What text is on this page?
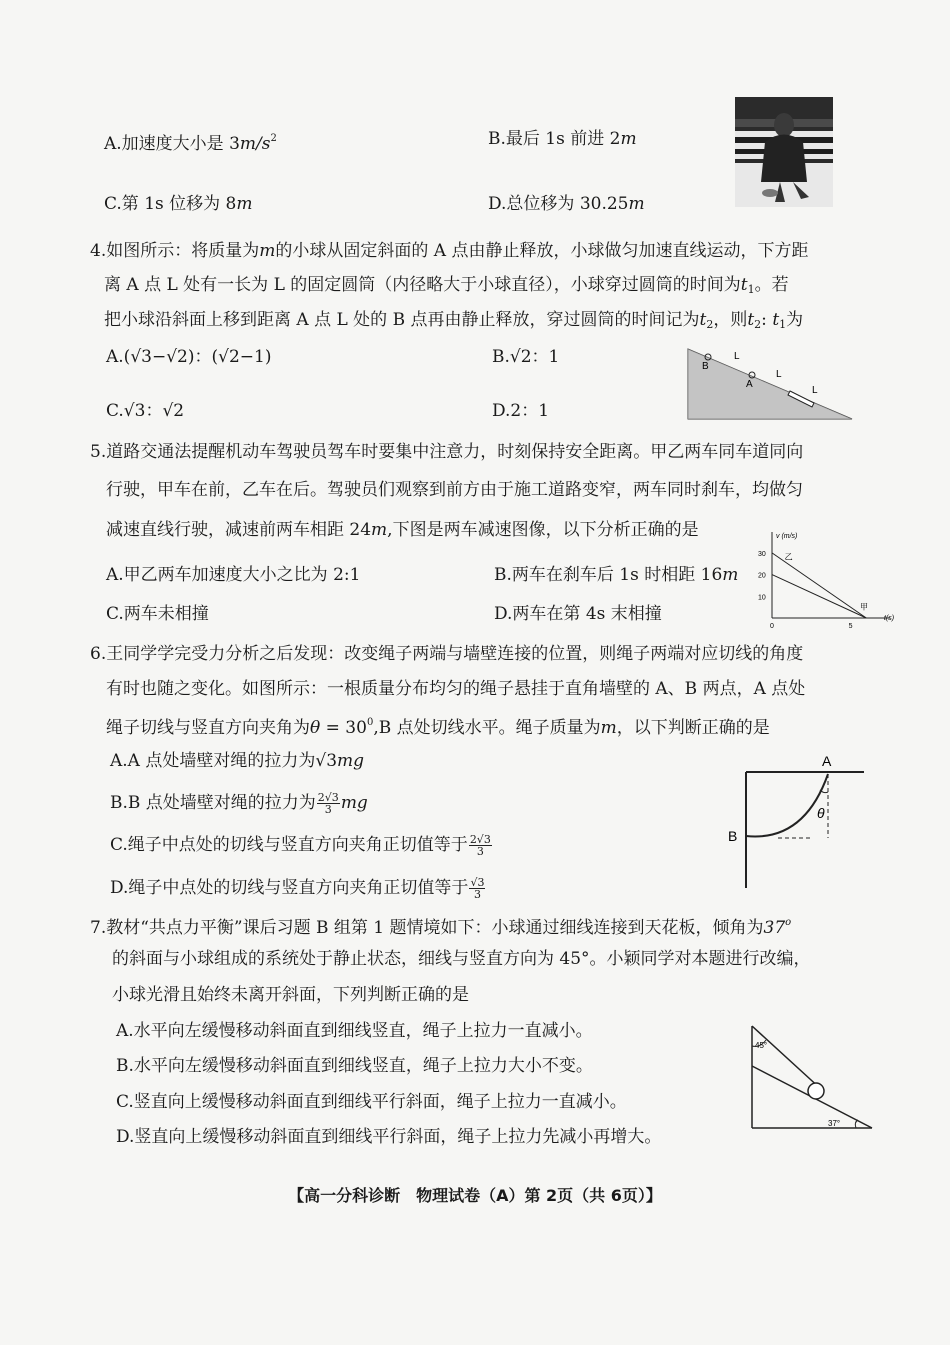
A.加速度大小是 $3m/s^2$	B.最后 1s 前进 2m
C.第 1s 位移为 8m	D.总位移为 30.25m
4.如图所示：将质量为m的小球从固定斜面的 A 点由静止释放，小球做匀加速直线运动，下方距
离 A 点 L 处有一长为 L 的固定圆筒（内径略大于小球直径），小球穿过圆筒的时间为$t_1$。若
把小球沿斜面上移到距离 A 点 L 处的 B 点再由静止释放，穿过圆筒的时间记为$t_2$，则$t_2$: $t_1$为
A.(√3−√2)：(√2−1)	B.√2：1
C.√3：√2	D.2：1
B
A
L
L
L
5.道路交通法提醒机动车驾驶员驾车时要集中注意力，时刻保持安全距离。甲乙两车同车道同向
行驶，甲车在前，乙车在后。驾驶员们观察到前方由于施工道路变窄，两车同时刹车，均做匀
减速直线行驶，减速前两车相距 24m,下图是两车减速图像，以下分析正确的是
A.甲乙两车加速度大小之比为 2:1	B.两车在刹车后 1s 时相距 16m
C.两车未相撞	D.两车在第 4s 末相撞
v (m/s)
t(s)
30
20
10
0	5
乙
甲
6.王同学学完受力分析之后发现：改变绳子两端与墙壁连接的位置，则绳子两端对应切线的角度
有时也随之变化。如图所示：一根质量分布均匀的绳子悬挂于直角墙壁的 A、B 两点，A 点处
绳子切线与竖直方向夹角为$\theta = 30^0,B$ 点处切线水平。绳子质量为m，以下判断正确的是
A.A 点处墙壁对绳的拉力为√3mg
B.B 点处墙壁对绳的拉力为 $\frac{2√3}{3}$ mg
C.绳子中点处的切线与竖直方向夹角正切值等于 $\frac{2√3}{3}$
D.绳子中点处的切线与竖直方向夹角正切值等于 $\frac{√3}{3}$
A
B
θ
7.教材“共点力平衡”课后习题 B 组第 1 题情境如下：小球通过细线连接到天花板，倾角为37$^o$
的斜面与小球组成的系统处于静止状态，细线与竖直方向为 45°。小颖同学对本题进行改编，
小球光滑且始终未离开斜面，下列判断正确的是
A.水平向左缓慢移动斜面直到细线竖直，绳子上拉力一直减小。
B.水平向左缓慢移动斜面直到细线竖直，绳子上拉力大小不变。
C.竖直向上缓慢移动斜面直到细线平行斜面，绳子上拉力一直减小。
D.竖直向上缓慢移动斜面直到细线平行斜面，绳子上拉力先减小再增大。
45°
37°
【高一分科诊断　物理试卷（A）第 2页（共 6页）】
